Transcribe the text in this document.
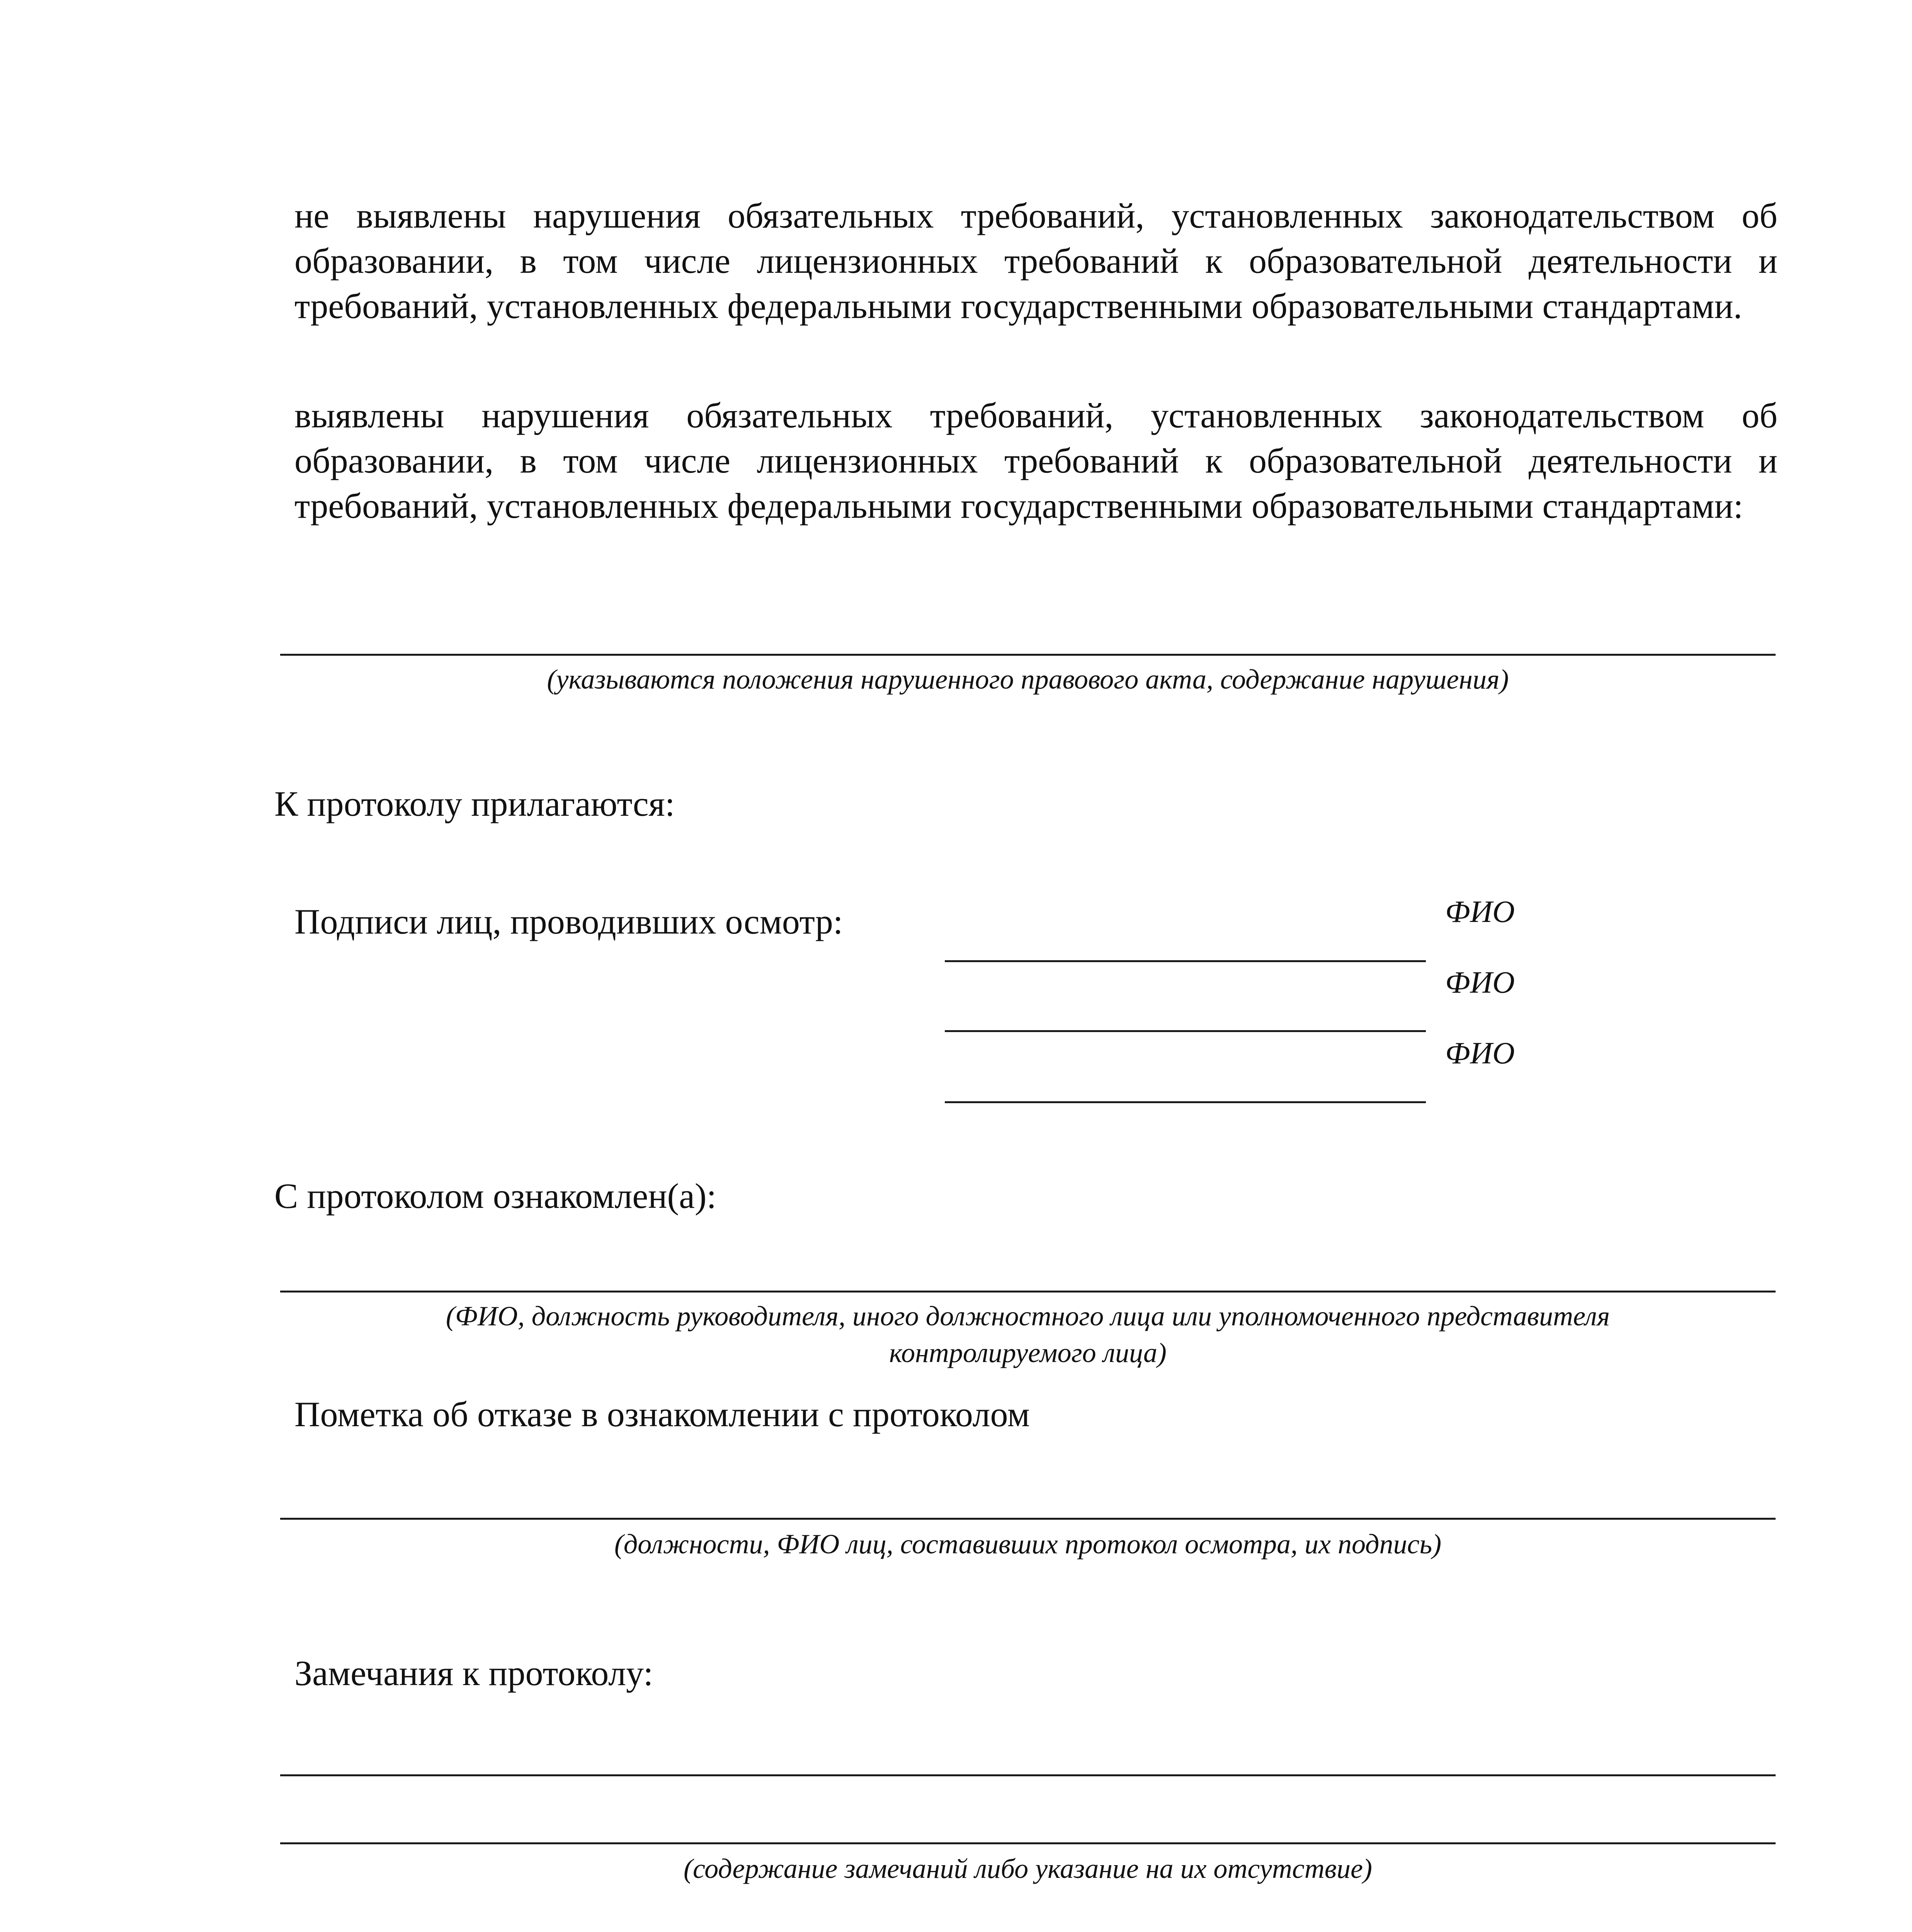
не выявлены нарушения обязательных требований, установленных законодательством об образовании, в том числе лицензионных требований к образовательной деятельности и требований, установленных федеральными государственными образовательными стандартами.

выявлены нарушения обязательных требований, установленных законодательством об образовании, в том числе лицензионных требований к образовательной деятельности и требований, установленных федеральными государственными образовательными стандартами:

(указываются положения нарушенного правового акта, содержание нарушения)
К протоколу прилагаются:
Подписи лиц, проводивших осмотр:	ФИО
ФИО
ФИО
С протоколом ознакомлен(а):
(ФИО, должность руководителя, иного должностного лица или уполномоченного представителя
контролируемого лица)
Пометка об отказе в ознакомлении с протоколом
(должности, ФИО лиц, составивших протокол осмотра, их подпись)
Замечания к протоколу:
(содержание замечаний либо указание на их отсутствие)
